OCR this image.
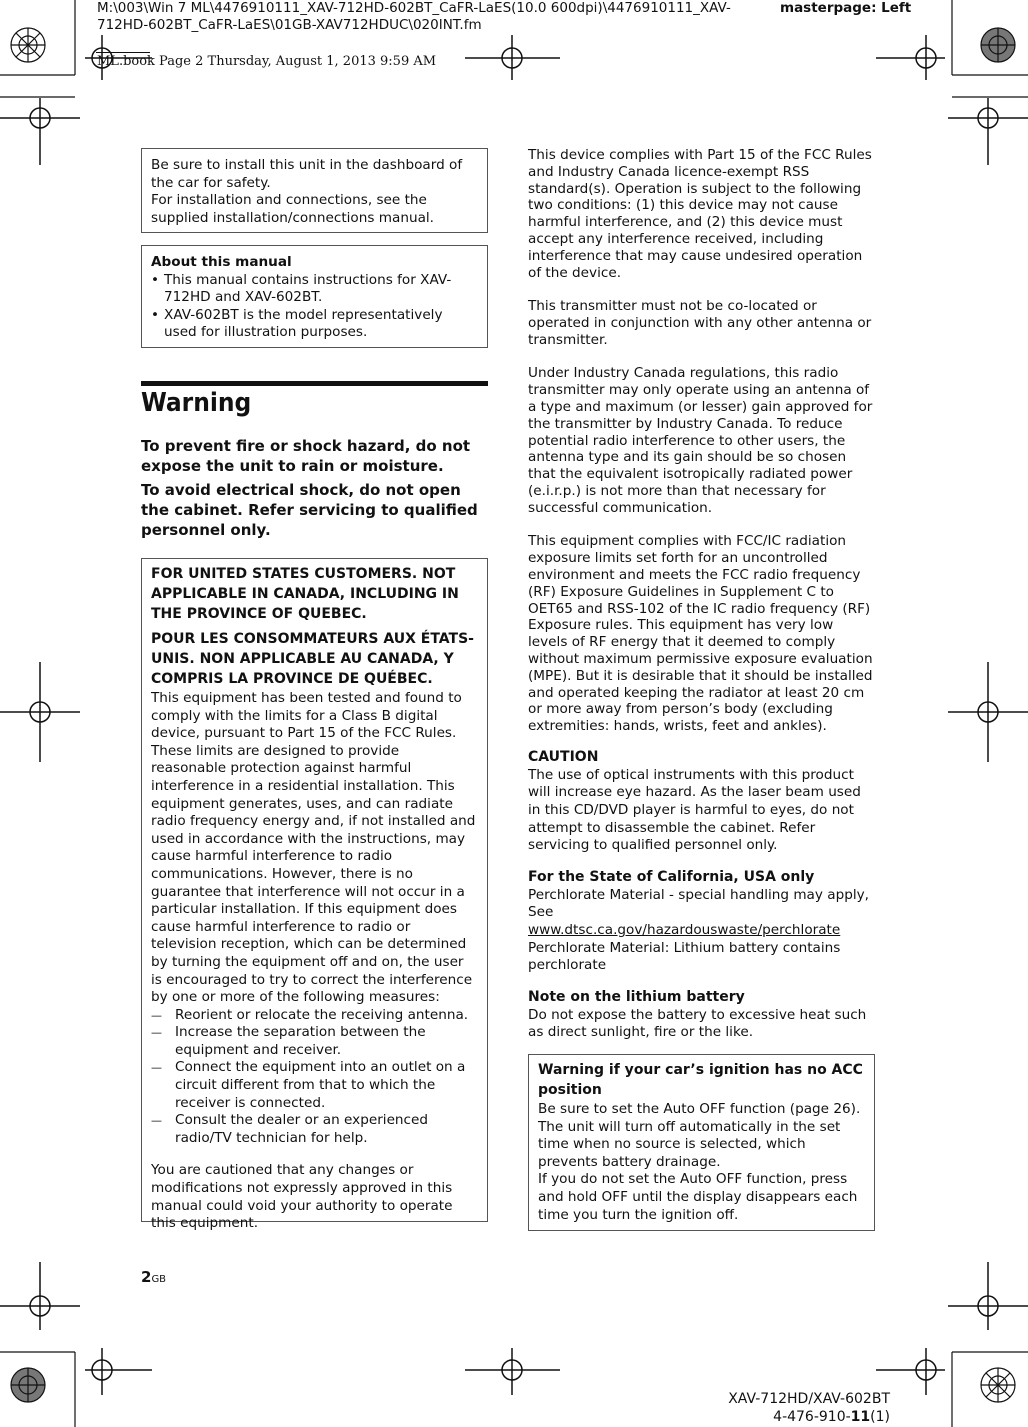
M:\003\Win 7 ML\4476910111_XAV-712HD-602BT_CaFR-LaES(10.0 600dpi)\4476910111_XAV-
712HD-602BT_CaFR-LaES\01GB-XAV712HDUC\020INT.fm
masterpage: Left
ML.book Page 2 Thursday, August 1, 2013 9:59 AM

Be sure to install this unit in the dashboard of the car for safety.

For installation and connections, see the supplied installation/connections manual.

About this manual

• This manual contains instructions for XAV-712HD and XAV-602BT.

• XAV-602BT is the model representatively used for illustration purposes.

Warning

To prevent fire or shock hazard, do not expose the unit to rain or moisture.

To avoid electrical shock, do not open the cabinet. Refer servicing to qualified personnel only.

FOR UNITED STATES CUSTOMERS. NOT APPLICABLE IN CANADA, INCLUDING IN THE PROVINCE OF QUEBEC.

POUR LES CONSOMMATEURS AUX ÉTATS-UNIS. NON APPLICABLE AU CANADA, Y COMPRIS LA PROVINCE DE QUÉBEC.

This equipment has been tested and found to comply with the limits for a Class B digital device, pursuant to Part 15 of the FCC Rules. These limits are designed to provide reasonable protection against harmful interference in a residential installation. This equipment generates, uses, and can radiate radio frequency energy and, if not installed and used in accordance with the instructions, may cause harmful interference to radio communications. However, there is no guarantee that interference will not occur in a particular installation. If this equipment does cause harmful interference to radio or television reception, which can be determined by turning the equipment off and on, the user is encouraged to try to correct the interference by one or more of the following measures:

— Reorient or relocate the receiving antenna.

— Increase the separation between the equipment and receiver.

— Connect the equipment into an outlet on a circuit different from that to which the receiver is connected.

— Consult the dealer or an experienced radio/TV technician for help.

You are cautioned that any changes or modifications not expressly approved in this manual could void your authority to operate this equipment.

This device complies with Part 15 of the FCC Rules and Industry Canada licence-exempt RSS standard(s). Operation is subject to the following two conditions: (1) this device may not cause harmful interference, and (2) this device must accept any interference received, including interference that may cause undesired operation of the device.

This transmitter must not be co-located or operated in conjunction with any other antenna or transmitter.

Under Industry Canada regulations, this radio transmitter may only operate using an antenna of a type and maximum (or lesser) gain approved for the transmitter by Industry Canada. To reduce potential radio interference to other users, the antenna type and its gain should be so chosen that the equivalent isotropically radiated power (e.i.r.p.) is not more than that necessary for successful communication.

This equipment complies with FCC/IC radiation exposure limits set forth for an uncontrolled environment and meets the FCC radio frequency (RF) Exposure Guidelines in Supplement C to OET65 and RSS-102 of the IC radio frequency (RF) Exposure rules. This equipment has very low levels of RF energy that it deemed to comply without maximum permissive exposure evaluation (MPE). But it is desirable that it should be installed and operated keeping the radiator at least 20 cm or more away from person’s body (excluding extremities: hands, wrists, feet and ankles).

CAUTION

The use of optical instruments with this product will increase eye hazard. As the laser beam used in this CD/DVD player is harmful to eyes, do not attempt to disassemble the cabinet. Refer servicing to qualified personnel only.

For the State of California, USA only

Perchlorate Material - special handling may apply, See
www.dtsc.ca.gov/hazardouswaste/perchlorate
Perchlorate Material: Lithium battery contains perchlorate

Note on the lithium battery

Do not expose the battery to excessive heat such as direct sunlight, fire or the like.

Warning if your car’s ignition has no ACC position

Be sure to set the Auto OFF function (page 26). The unit will turn off automatically in the set time when no source is selected, which prevents battery drainage.

If you do not set the Auto OFF function, press and hold OFF until the display disappears each time you turn the ignition off.

2GB
XAV-712HD/XAV-602BT
4-476-910-11(1)
